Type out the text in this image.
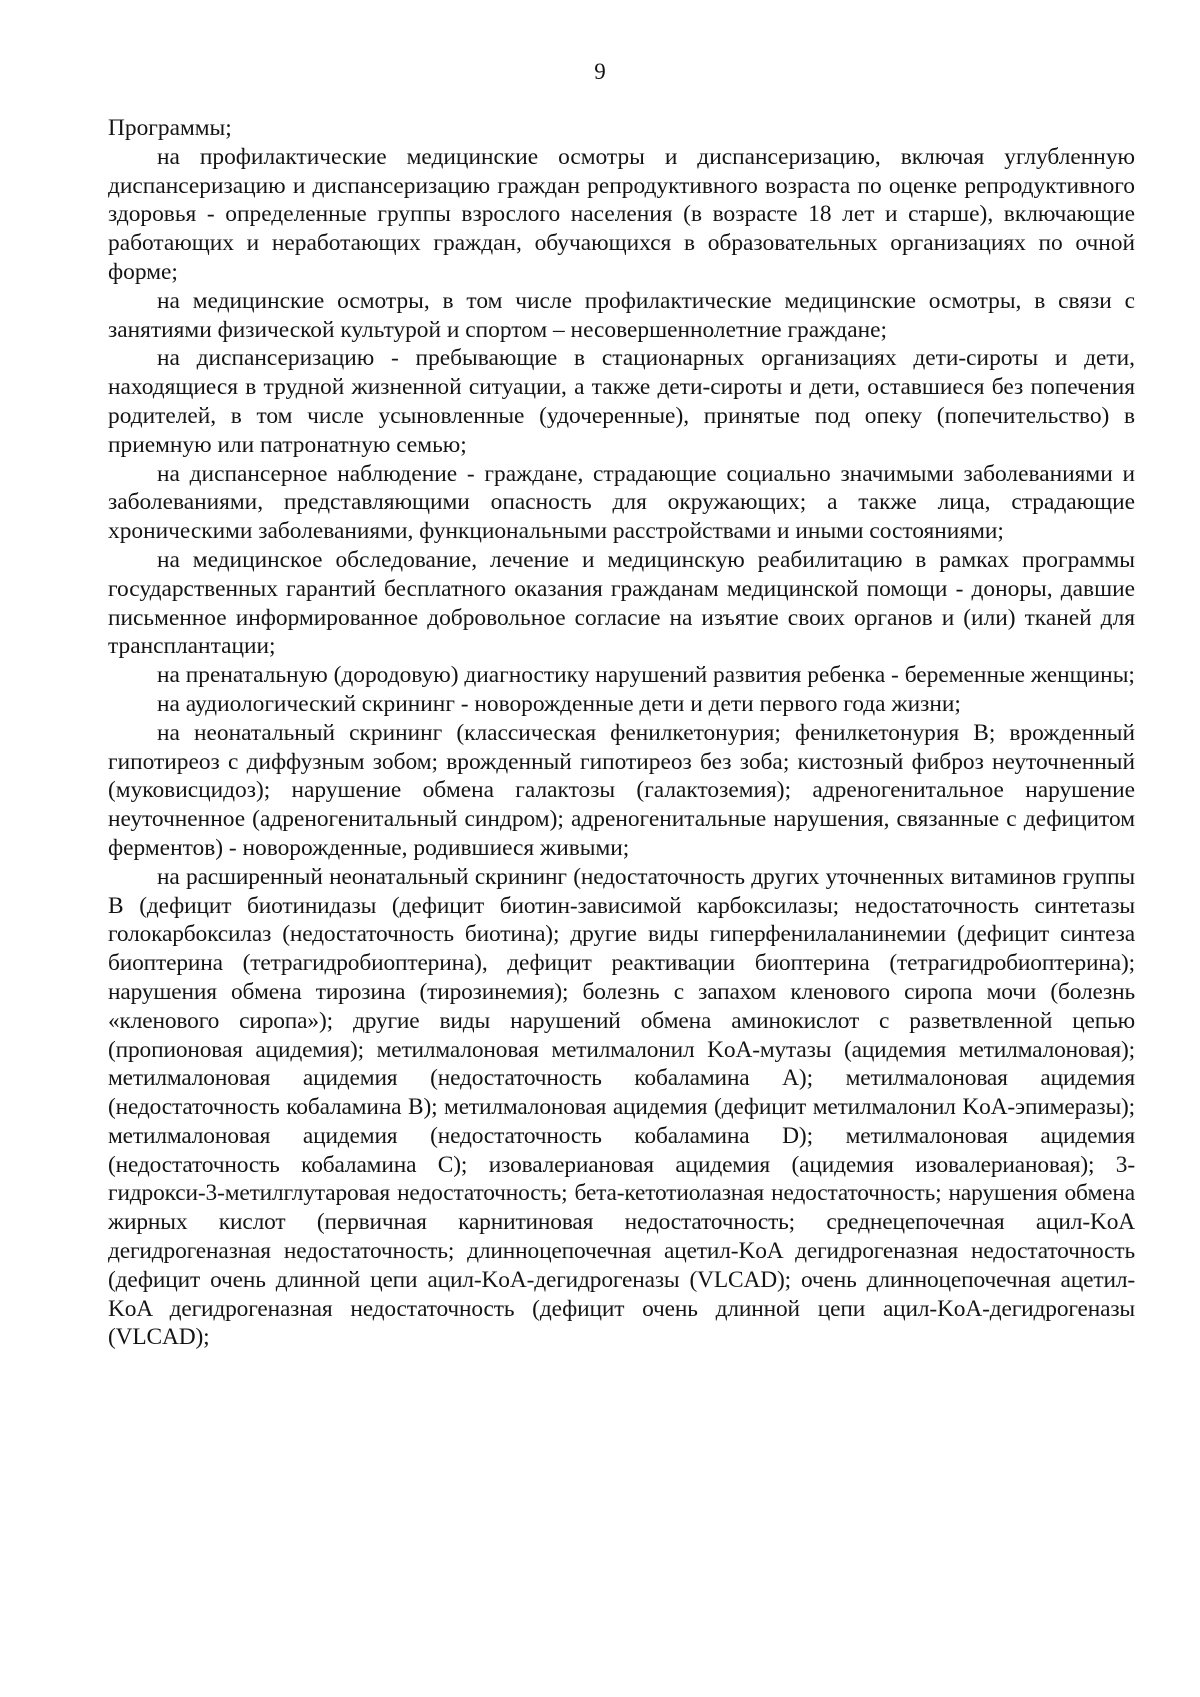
9

Программы;

на профилактические медицинские осмотры и диспансеризацию, включая углубленную диспансеризацию и диспансеризацию граждан репродуктивного возраста по оценке репродуктивного здоровья - определенные группы взрослого населения (в возрасте 18 лет и старше), включающие работающих и неработающих граждан, обучающихся в образовательных организациях по очной форме;

на медицинские осмотры, в том числе профилактические медицинские осмотры, в связи с занятиями физической культурой и спортом – несовершеннолетние граждане;

на диспансеризацию - пребывающие в стационарных организациях дети-сироты и дети, находящиеся в трудной жизненной ситуации, а также дети-сироты и дети, оставшиеся без попечения родителей, в том числе усыновленные (удочеренные), принятые под опеку (попечительство) в приемную или патронатную семью;

на диспансерное наблюдение - граждане, страдающие социально значимыми заболеваниями и заболеваниями, представляющими опасность для окружающих; а также лица, страдающие хроническими заболеваниями, функциональными расстройствами и иными состояниями;

на медицинское обследование, лечение и медицинскую реабилитацию в рамках программы государственных гарантий бесплатного оказания гражданам медицинской помощи - доноры, давшие письменное информированное добровольное согласие на изъятие своих органов и (или) тканей для трансплантации;

на пренатальную (дородовую) диагностику нарушений развития ребенка - беременные женщины;

на аудиологический скрининг - новорожденные дети и дети первого года жизни;

на неонатальный скрининг (классическая фенилкетонурия; фенилкетонурия B; врожденный гипотиреоз с диффузным зобом; врожденный гипотиреоз без зоба; кистозный фиброз неуточненный (муковисцидоз); нарушение обмена галактозы (галактоземия); адреногенитальное нарушение неуточненное (адреногенитальный синдром); адреногенитальные нарушения, связанные с дефицитом ферментов) - новорожденные, родившиеся живыми;

на расширенный неонатальный скрининг (недостаточность других уточненных витаминов группы B (дефицит биотинидазы (дефицит биотин-зависимой карбоксилазы; недостаточность синтетазы голокарбоксилаз (недостаточность биотина); другие виды гиперфенилаланинемии (дефицит синтеза биоптерина (тетрагидробиоптерина), дефицит реактивации биоптерина (тетрагидробиоптерина); нарушения обмена тирозина (тирозинемия); болезнь с запахом кленового сиропа мочи (болезнь «кленового сиропа»); другие виды нарушений обмена аминокислот с разветвленной цепью (пропионовая ацидемия); метилмалоновая метилмалонил KoA-мутазы (ацидемия метилмалоновая); метилмалоновая ацидемия (недостаточность кобаламина A); метилмалоновая ацидемия (недостаточность кобаламина B); метилмалоновая ацидемия (дефицит метилмалонил KoA-эпимеразы); метилмалоновая ацидемия (недостаточность кобаламина D); метилмалоновая ацидемия (недостаточность кобаламина C); изовалериановая ацидемия (ацидемия изовалериановая); 3-гидрокси-3-метилглутаровая недостаточность; бета-кетотиолазная недостаточность; нарушения обмена жирных кислот (первичная карнитиновая недостаточность; среднецепочечная ацил-KoA дегидрогеназная недостаточность; длинноцепочечная ацетил-KoA дегидрогеназная недостаточность (дефицит очень длинной цепи ацил-KoA-дегидрогеназы (VLCAD); очень длинноцепочечная ацетил-KoA дегидрогеназная недостаточность (дефицит очень длинной цепи ацил-KoA-дегидрогеназы (VLCAD);
